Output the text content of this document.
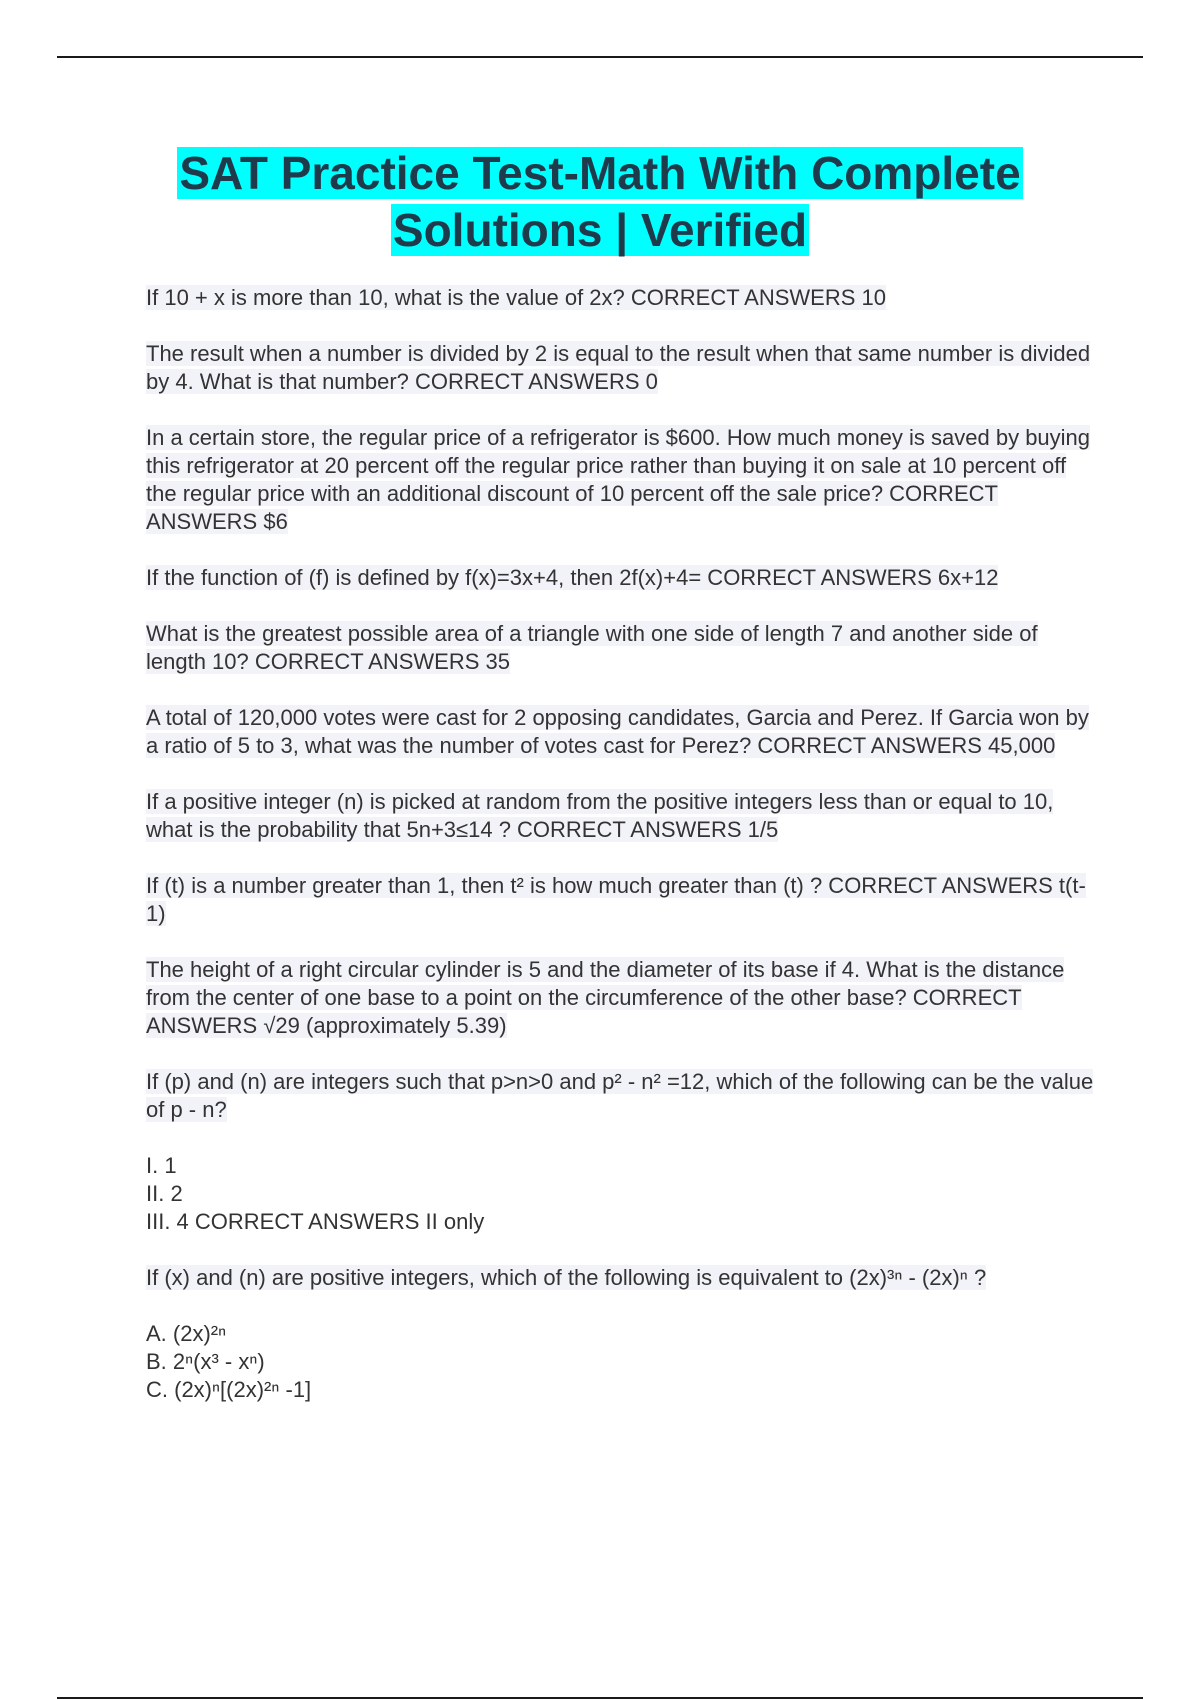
SAT Practice Test-Math With Complete
Solutions | Verified

If 10 + x is more than 10, what is the value of 2x? CORRECT ANSWERS 10

The result when a number is divided by 2 is equal to the result when that same number is divided by 4. What is that number? CORRECT ANSWERS 0

In a certain store, the regular price of a refrigerator is $600. How much money is saved by buying this refrigerator at 20 percent off the regular price rather than buying it on sale at 10 percent off the regular price with an additional discount of 10 percent off the sale price? CORRECT ANSWERS $6

If the function of (f) is defined by f(x)=3x+4, then 2f(x)+4= CORRECT ANSWERS 6x+12

What is the greatest possible area of a triangle with one side of length 7 and another side of length 10? CORRECT ANSWERS 35

A total of 120,000 votes were cast for 2 opposing candidates, Garcia and Perez. If Garcia won by a ratio of 5 to 3, what was the number of votes cast for Perez? CORRECT ANSWERS 45,000

If a positive integer (n) is picked at random from the positive integers less than or equal to 10, what is the probability that 5n+3≤14 ? CORRECT ANSWERS 1/5

If (t) is a number greater than 1, then t² is how much greater than (t) ? CORRECT ANSWERS t(t-1)

The height of a right circular cylinder is 5 and the diameter of its base if 4. What is the distance from the center of one base to a point on the circumference of the other base? CORRECT ANSWERS √29 (approximately 5.39)

If (p) and (n) are integers such that p>n>0 and p² - n² =12, which of the following can be the value of p - n?

I. 1

II. 2

III. 4 CORRECT ANSWERS II only

If (x) and (n) are positive integers, which of the following is equivalent to (2x)³ⁿ - (2x)ⁿ ?

A. (2x)²ⁿ

B. 2ⁿ(x³ - xⁿ)

C. (2x)ⁿ[(2x)²ⁿ -1]
